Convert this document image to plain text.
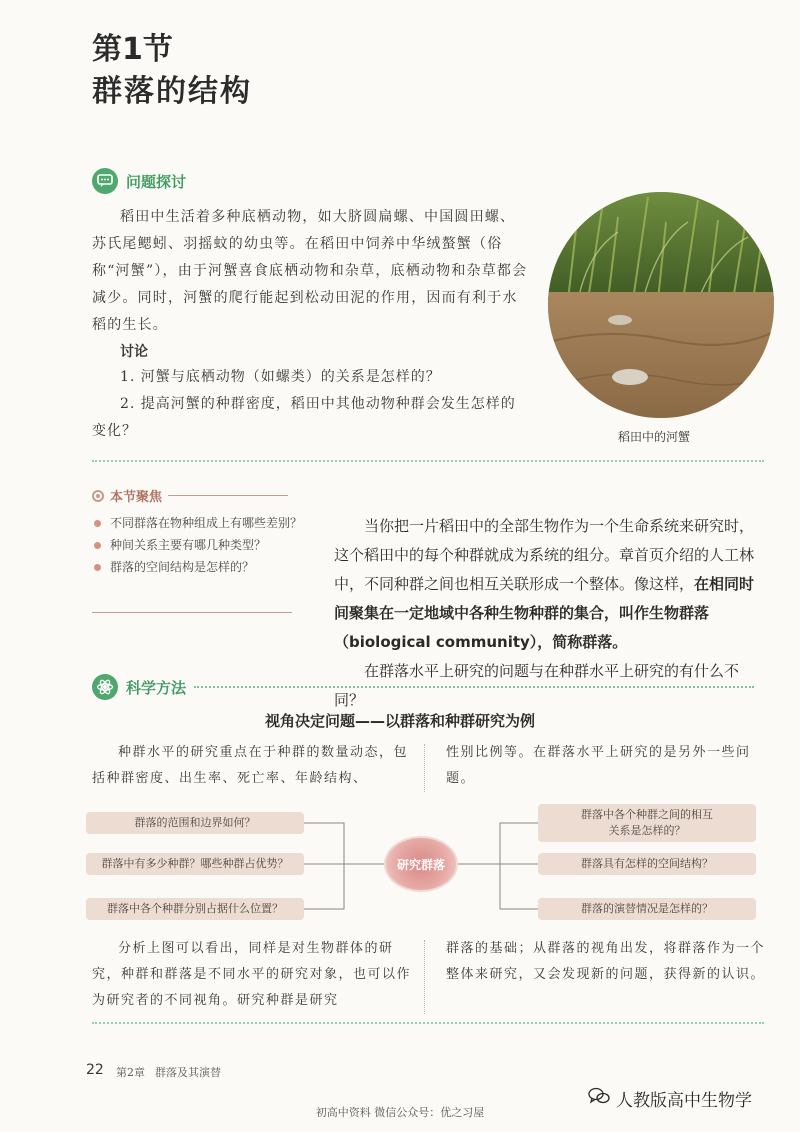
第1节
群落的结构
问题探讨

稻田中生活着多种底栖动物，如大脐圆扁螺、中国圆田螺、苏氏尾鳃蚓、羽摇蚊的幼虫等。在稻田中饲养中华绒螯蟹（俗称“河蟹”），由于河蟹喜食底栖动物和杂草，底栖动物和杂草都会减少。同时，河蟹的爬行能起到松动田泥的作用，因而有利于水稻的生长。

讨论
1. 河蟹与底栖动物（如螺类）的关系是怎样的？
2. 提高河蟹的种群密度，稻田中其他动物种群会发生怎样的变化？	稻田中的河蟹
本节聚焦
不同群落在物种组成上有哪些差别？
种间关系主要有哪几种类型？
群落的空间结构是怎样的？

当你把一片稻田中的全部生物作为一个生命系统来研究时，这个稻田中的每个种群就成为系统的组分。章首页介绍的人工林中，不同种群之间也相互关联形成一个整体。像这样，在相同时间聚集在一定地域中各种生物种群的集合，叫作生物群落（biological community），简称群落。

在群落水平上研究的问题与在种群水平上研究的有什么不同？

科学方法
视角决定问题——以群落和种群研究为例
种群水平的研究重点在于种群的数量动态，包括种群密度、出生率、死亡率、年龄结构、
性别比例等。在群落水平上研究的是另外一些问题。
群落的范围和边界如何？
群落中有多少种群？哪些种群占优势？
群落中各个种群分别占据什么位置？
研究群落
群落中各个种群之间的相互关系是怎样的？
群落具有怎样的空间结构？
群落的演替情况是怎样的？
分析上图可以看出，同样是对生物群体的研究，种群和群落是不同水平的研究对象，也可以作为研究者的不同视角。研究种群是研究
群落的基础；从群落的视角出发，将群落作为一个整体来研究，又会发现新的问题，获得新的认识。
22 第2章 群落及其演替
人教版高中生物学
初高中资料 微信公众号：优之习屋
